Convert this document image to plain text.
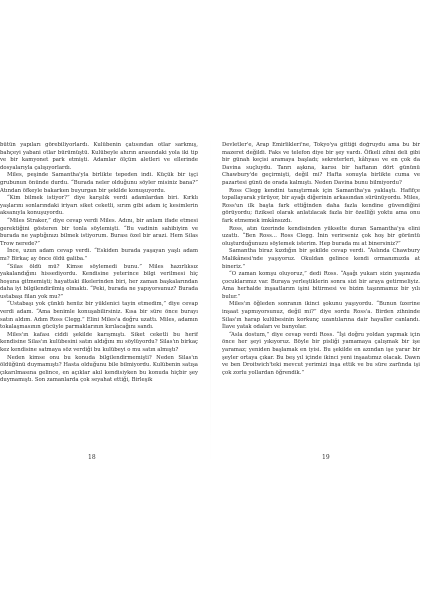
bütün yapıları görebiliyorlardı. Kulübenin çatısından otlar sarkmış, bahçeyi yabani otlar bürümüştü. Kulübeyle ahırın arasındaki yola iki tip ve bir kamyonet park etmişti. Adamlar ölçüm aletleri ve ellerinde dosyalarıyla çalışıyorlardı.

Miles, peşinde Samantha'yla birlikte tepeden indi. Küçük bir işçi grubunun önünde durdu. “Burada neler olduğunu söyler misiniz bana?” Atından öfkeyle bakarken buyurgan bir şekilde konuşuyordu.

“Kim bilmek istiyor?” diye karşılık verdi adamlardan biri. Kırklı yaşlarını sonlarındaki iriyarı siket ceketli, sırım gibi adam iç kesimlerin aksanıyla konuşuyordu.

“Miles Straker,” diye cevap verdi Miles. Adını, bir anlam ifade etmesi gerektiğini gösteren bir tonla söylemişti. “Bu vadinin sahibiyim ve burada ne yaptığınızı bilmek istiyorum. Burası özel bir arazi. Hem Silas Trow nerede?”

İnce, uzun adam cevap verdi. “Eskiden burada yaşayan yaşlı adam mı? Birkaç ay önce öldü galiba.”

“Silas öldü mü? Kimse söylemedi bunu.” Miles hazırlıksız yakalandığını hissediyordu. Kendisine yeterince bilgi verilmesi hiç hoşuna gitmemişti; hayattaki ilkelerinden biri, her zaman başkalarından daha iyi bilgilendirilmiş olmaktı. “Peki, burada ne yapıyorsunuz? Burada ustabaşı filan yok mu?”

“Ustabaşı yok çünkü henüz bir yüklenici tayin etmedim,” diye cevap verdi adam. “Ama benimle konuşabilirsiniz. Kısa bir süre önce burayı satın aldım. Adım Ross Clegg.” Elini Miles'a doğru uzattı. Miles, adamın tokalaşmasının gücüyle parmaklarının kırılacağını sandı.

Miles'ın kafası ciddi şekilde karışmıştı. Siket ceketli bu herif kendisine Silas'ın kulübesini satın aldığını mı söylüyordu? Silas'ın birkaç kez kendisine satmaya söz verdiği bu kulübeyi o mu satın almıştı?

Neden kimse onu bu konuda bilgilendirmemişti? Neden Silas'ın öldüğünü duymamıştı? Hasta olduğunu bile bilmiyordu. Kulübenin satışa çıkarılmasına gelince, en açıklar akıl kendisiyken bu konuda hiçbir şey duymamıştı. Son zamanlarda çok seyahat ettiği, Birleşik

Devletler'e, Arap Emirlikleri'ne, Tokyo'ya gittiği doğruydu ama bu bir mazeret değildi. Faks ve telefon diye bir şey vardı. Öfkeli zihni deli gibi bir günah keçisi aramaya başladı; sekreterleri, kâhyası ve en çok da Davina suçluydu. Tanrı aşkına, karısı bir haftanın dört gününü Chawbury'de geçirmişti, değil mi? Hafta sonuyla birlikte cuma ve pazartesi günü de orada kalmıştı. Neden Davina bunu bilmiyordu?

Ross Clegg kendini tanıştırmak için Samantha'ya yaklaştı. Hafifçe topallayarak yürüyor, bir ayağı diğerinin arkasından sürünüyordu. Miles, Ross'un ilk başta fark ettiğinden daha fazla kendine güvendiğini görüyordu; fiziksel olarak anlatılacak fazla bir özelliği yoktu ama onu fark etmemek imkânsızdı.

Ross, atın üzerinde kendisinden yükselte duran Samantha'ya elini uzattı. “Ben Ross... Ross Clegg. İnin verirseniz çok hoş bir görüntü oluşturduğunuzu söylemek isterim. Hep burada mı at binersiniz?”

Samantha biraz kızdığın bir şekilde cevap verdi. “Aslında Chawbury Malikânesi'nde yaşıyoruz. Okuldan gelince kendi ormanımızda at bineriz.”

“O zaman komşu oluyoruz,” dedi Ross. “Aşağı yukarı sizin yaşınızda çocuklarımız var. Buraya yerleştiklerin sonra sizi bir araya getirmeliyiz. Ama herhalde inşaatlarım işini bitirmesi ve bizim taşınmamız bir yılı bulur.”

Miles'ın öğleden sonranın ikinci şokunu yaşıyordu. “Bunun üzerine inşaat yapmıyorsunuz, değil mi?” diye sordu Ross'a. Birden zihninde Silas'ın harap kulübesinin korkunç uzantılarına dair hayaller canlandı. İlave yatak odaları ve banyolar.

“Asla dostum,” diye cevap verdi Ross. “İşi doğru yoldan yapmak için önce her şeyi yıkıyoruz. Böyle bir pisliği yamamaya çalışmak bir işe yaramaz; yeniden başlamak en iyisi. Bu şekilde en azından işe yarar bir şeyler ortaya çıkar. Bu beş yıl içinde ikinci yeni inşaatımız olacak. Dawn ve ben Droitwich'teki mevcut yerimizi inşa ettik ve bu süre zarfında işi çok zorlu yollardan öğrendik.”

18	19
